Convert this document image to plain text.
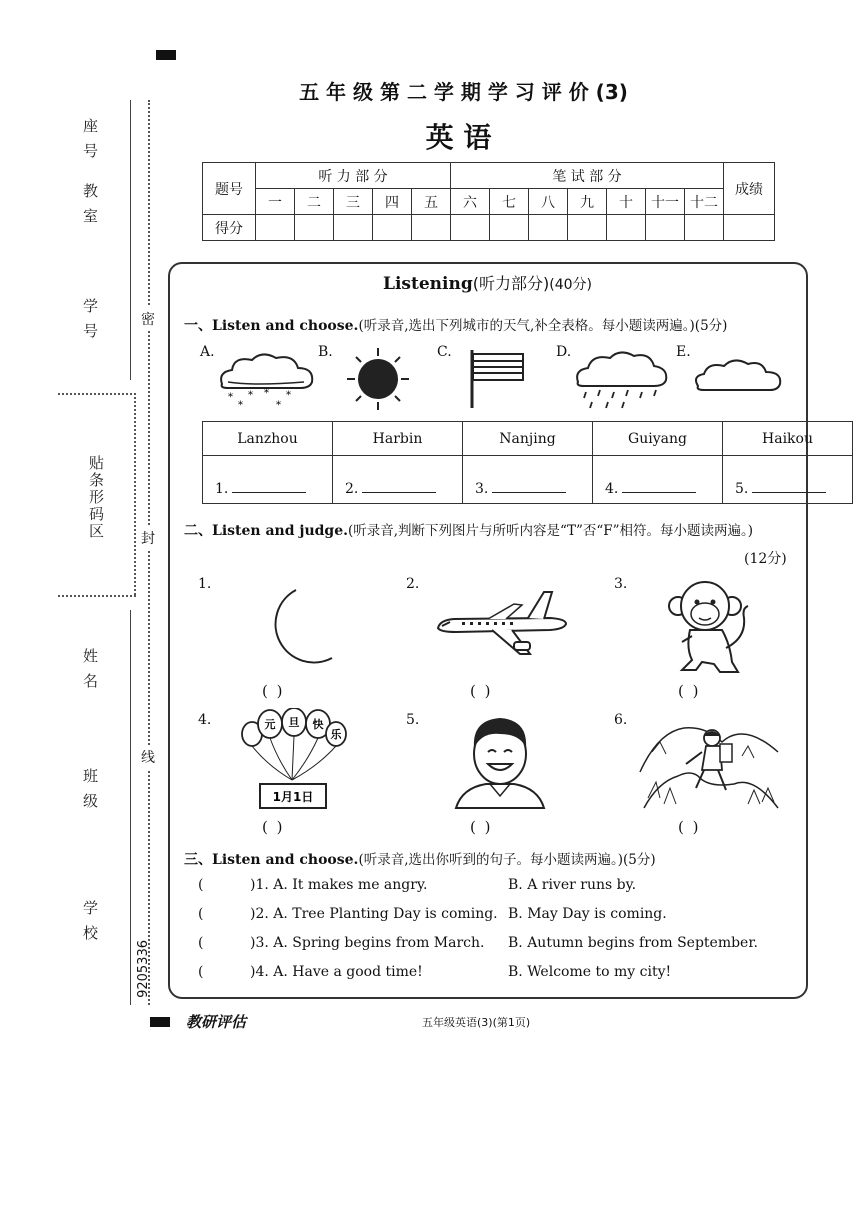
座号
教室
学号
贴条形码区
姓名
班级
学校
密
封
线
9205336
五 年 级 第 二 学 期 学 习 评 价 (3)
英 语
题号	听 力 部 分					笔 试 部 分							成绩
	一	二	三	四	五	六	七	八	九	十	十一	十二	
得分													
Listening(听力部分)(40分)
一、Listen and choose.(听录音,选出下列城市的天气,补全表格。每小题读两遍。)(5分)
A.	B.	C.	D.	E.
* * * *
*	*
Lanzhou	Harbin	Nanjing	Guiyang	Haikou
1.	2.	3.	4.	5.
二、Listen and judge.(听录音,判断下列图片与所听内容是“T”否“F”相符。每小题读两遍。)
(12分)
1.	2.	3.
4.	5.	6.
元 旦 快
乐
1月1日
( )	( )	( )
( )	( )	( )
三、Listen and choose.(听录音,选出你听到的句子。每小题读两遍。)(5分)
(	)1. A. It makes me angry.	B. A river runs by.
(	)2. A. Tree Planting Day is coming. B. May Day is coming.
(	)3. A. Spring begins from March. B. Autumn begins from September.
(	)4. A. Have a good time!	B. Welcome to my city!
教研评估	五年级英语(3)(第1页)
